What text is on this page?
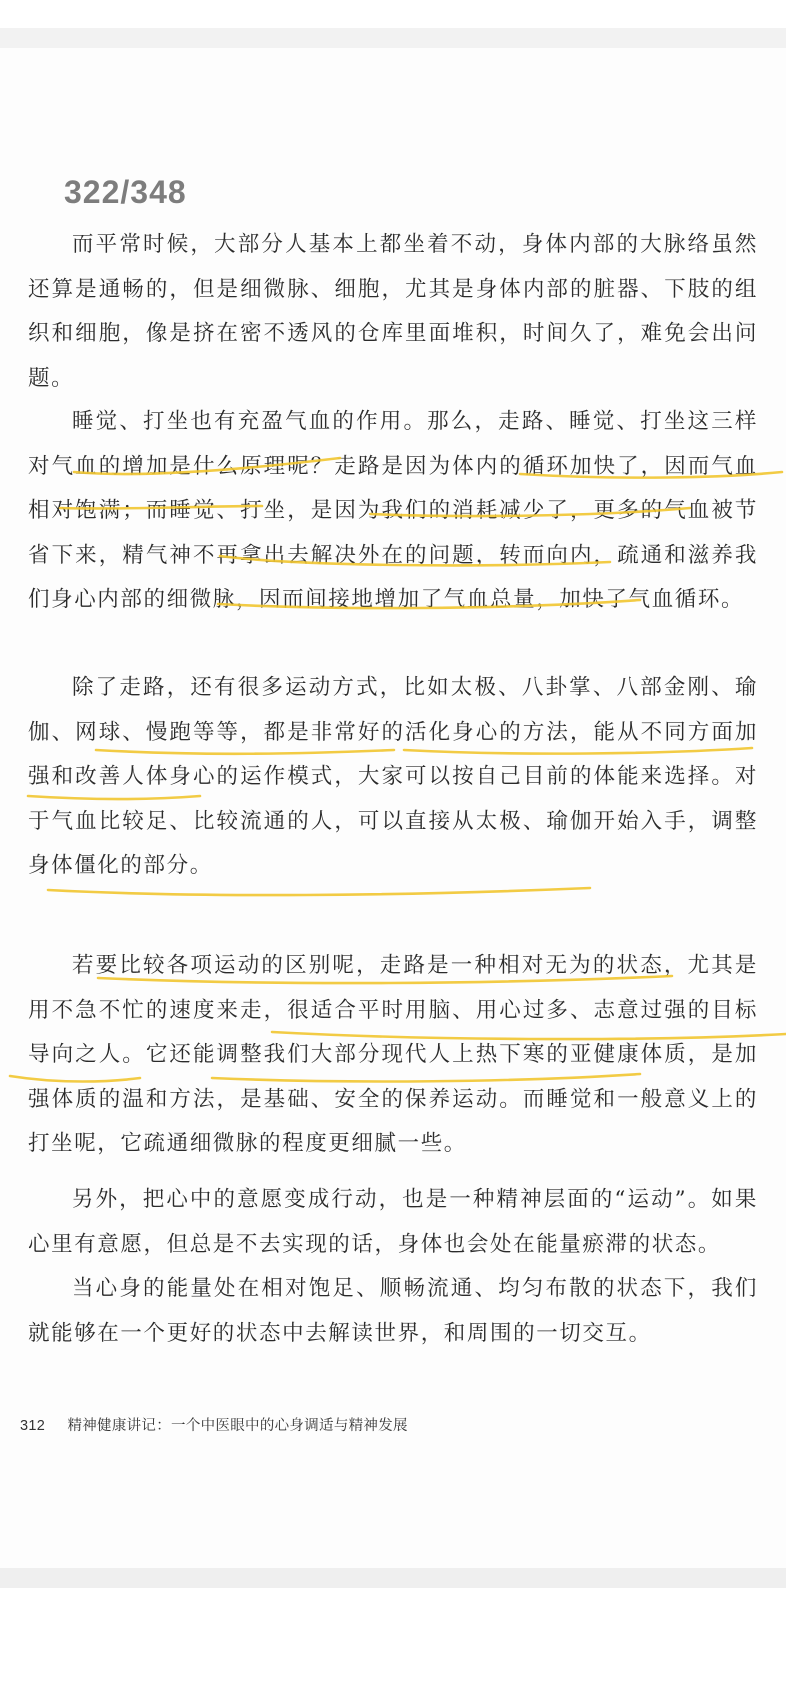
322/348

而平常时候，大部分人基本上都坐着不动，身体内部的大脉络虽然还算是通畅的，但是细微脉、细胞，尤其是身体内部的脏器、下肢的组织和细胞，像是挤在密不透风的仓库里面堆积，时间久了，难免会出问题。

睡觉、打坐也有充盈气血的作用。那么，走路、睡觉、打坐这三样对气血的增加是什么原理呢？走路是因为体内的循环加快了，因而气血相对饱满；而睡觉、打坐，是因为我们的消耗减少了，更多的气血被节省下来，精气神不再拿出去解决外在的问题，转而向内，疏通和滋养我们身心内部的细微脉，因而间接地增加了气血总量，加快了气血循环。

除了走路，还有很多运动方式，比如太极、八卦掌、八部金刚、瑜伽、网球、慢跑等等，都是非常好的活化身心的方法，能从不同方面加强和改善人体身心的运作模式，大家可以按自己目前的体能来选择。对于气血比较足、比较流通的人，可以直接从太极、瑜伽开始入手，调整身体僵化的部分。

若要比较各项运动的区别呢，走路是一种相对无为的状态，尤其是用不急不忙的速度来走，很适合平时用脑、用心过多、志意过强的目标导向之人。它还能调整我们大部分现代人上热下寒的亚健康体质，是加强体质的温和方法，是基础、安全的保养运动。而睡觉和一般意义上的打坐呢，它疏通细微脉的程度更细腻一些。

另外，把心中的意愿变成行动，也是一种精神层面的“运动”。如果心里有意愿，但总是不去实现的话，身体也会处在能量瘀滞的状态。

当心身的能量处在相对饱足、顺畅流通、均匀布散的状态下，我们就能够在一个更好的状态中去解读世界，和周围的一切交互。

312 精神健康讲记：一个中医眼中的心身调适与精神发展
